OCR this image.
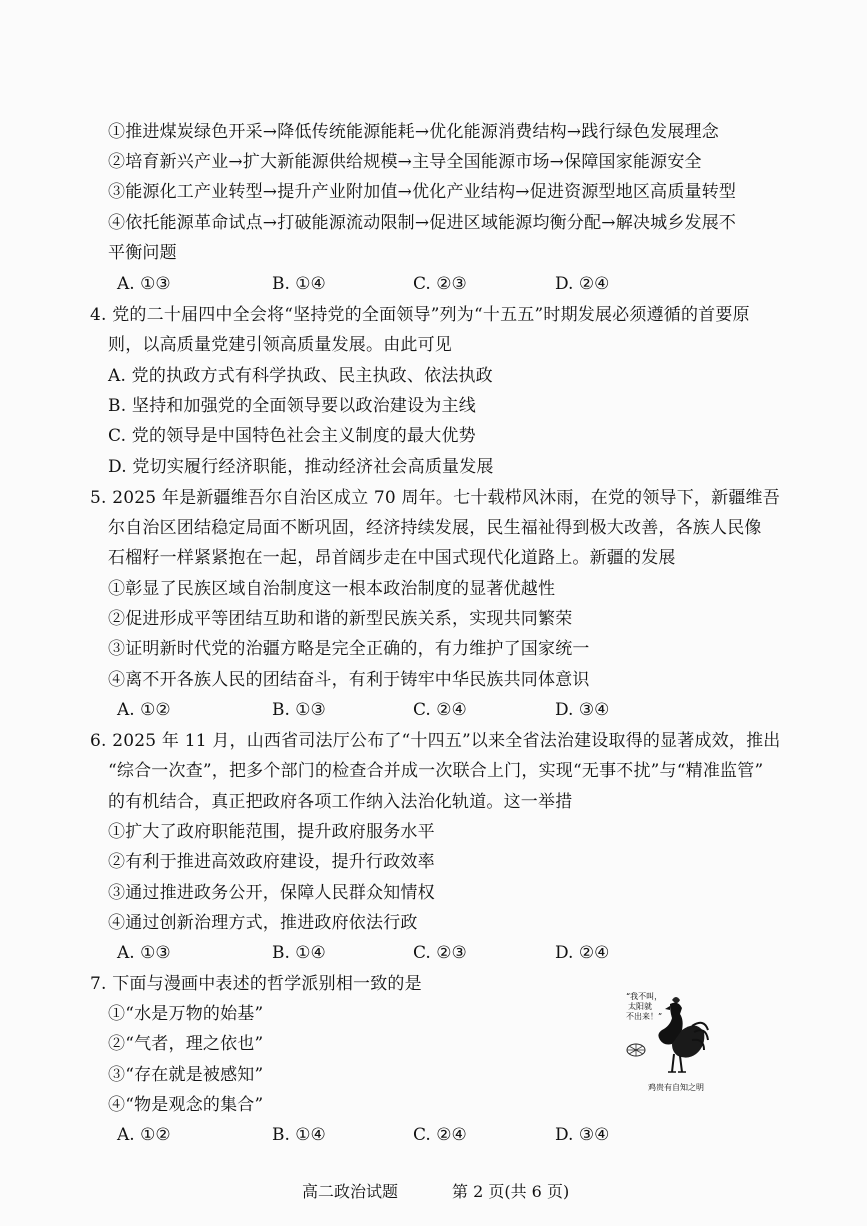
①推进煤炭绿色开采→降低传统能源能耗→优化能源消费结构→践行绿色发展理念
②培育新兴产业→扩大新能源供给规模→主导全国能源市场→保障国家能源安全
③能源化工产业转型→提升产业附加值→优化产业结构→促进资源型地区高质量转型
④依托能源革命试点→打破能源流动限制→促进区域能源均衡分配→解决城乡发展不
平衡问题
A. ①③	B. ①④	C. ②③	D. ②④
4. 党的二十届四中全会将“坚持党的全面领导”列为“十五五”时期发展必须遵循的首要原
则，以高质量党建引领高质量发展。由此可见
A. 党的执政方式有科学执政、民主执政、依法执政
B. 坚持和加强党的全面领导要以政治建设为主线
C. 党的领导是中国特色社会主义制度的最大优势
D. 党切实履行经济职能，推动经济社会高质量发展
5. 2025 年是新疆维吾尔自治区成立 70 周年。七十载栉风沐雨，在党的领导下，新疆维吾
尔自治区团结稳定局面不断巩固，经济持续发展，民生福祉得到极大改善，各族人民像
石榴籽一样紧紧抱在一起，昂首阔步走在中国式现代化道路上。新疆的发展
①彰显了民族区域自治制度这一根本政治制度的显著优越性
②促进形成平等团结互助和谐的新型民族关系，实现共同繁荣
③证明新时代党的治疆方略是完全正确的，有力维护了国家统一
④离不开各族人民的团结奋斗，有利于铸牢中华民族共同体意识
A. ①②	B. ①③	C. ②④	D. ③④
6. 2025 年 11 月，山西省司法厅公布了“十四五”以来全省法治建设取得的显著成效，推出
“综合一次查”，把多个部门的检查合并成一次联合上门，实现“无事不扰”与“精准监管”
的有机结合，真正把政府各项工作纳入法治化轨道。这一举措
①扩大了政府职能范围，提升政府服务水平
②有利于推进高效政府建设，提升行政效率
③通过推进政务公开，保障人民群众知情权
④通过创新治理方式，推进政府依法行政
A. ①③	B. ①④	C. ②③	D. ②④
7. 下面与漫画中表述的哲学派别相一致的是
①“水是万物的始基”
②“气者，理之依也”
③“存在就是被感知”
④“物是观念的集合”
A. ①②	B. ①④	C. ②④	D. ③④
“我不叫，
太阳就
不出来！”
鸡贵有自知之明
高二政治试题	第 2 页(共 6 页)
